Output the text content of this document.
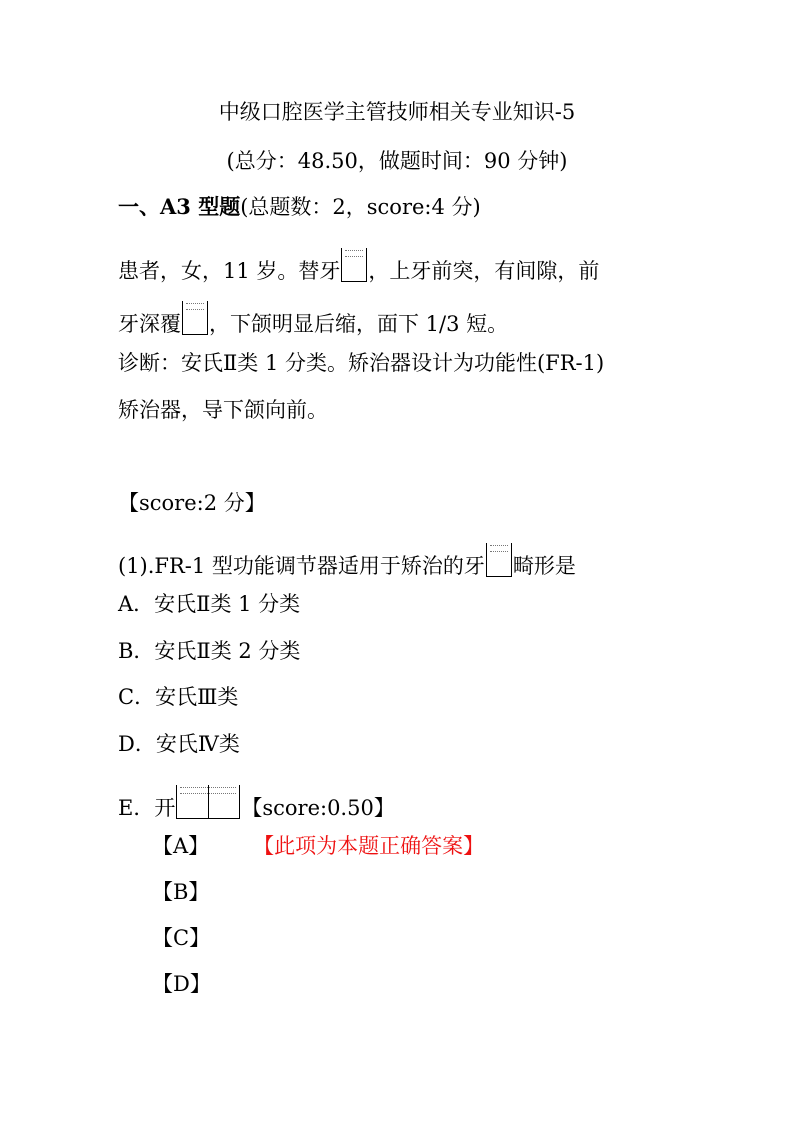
中级口腔医学主管技师相关专业知识-5
(总分：48.50，做题时间：90 分钟)
一、A3 型题(总题数：2，score:4 分)
患者，女，11 岁。替牙 ，上牙前突，有间隙，前
牙深覆 ，下颌明显后缩，面下 1/3 短。
诊断：安氏Ⅱ类 1 分类。矫治器设计为功能性(FR-1)
矫治器，导下颌向前。
【score:2 分】
(1).FR-1 型功能调节器适用于矫治的牙 畸形是
A．安氏Ⅱ类 1 分类
B．安氏Ⅱ类 2 分类
C．安氏Ⅲ类
D．安氏Ⅳ类
E．开	【score:0.50】
【A】 【此项为本题正确答案】
【B】
【C】
【D】
